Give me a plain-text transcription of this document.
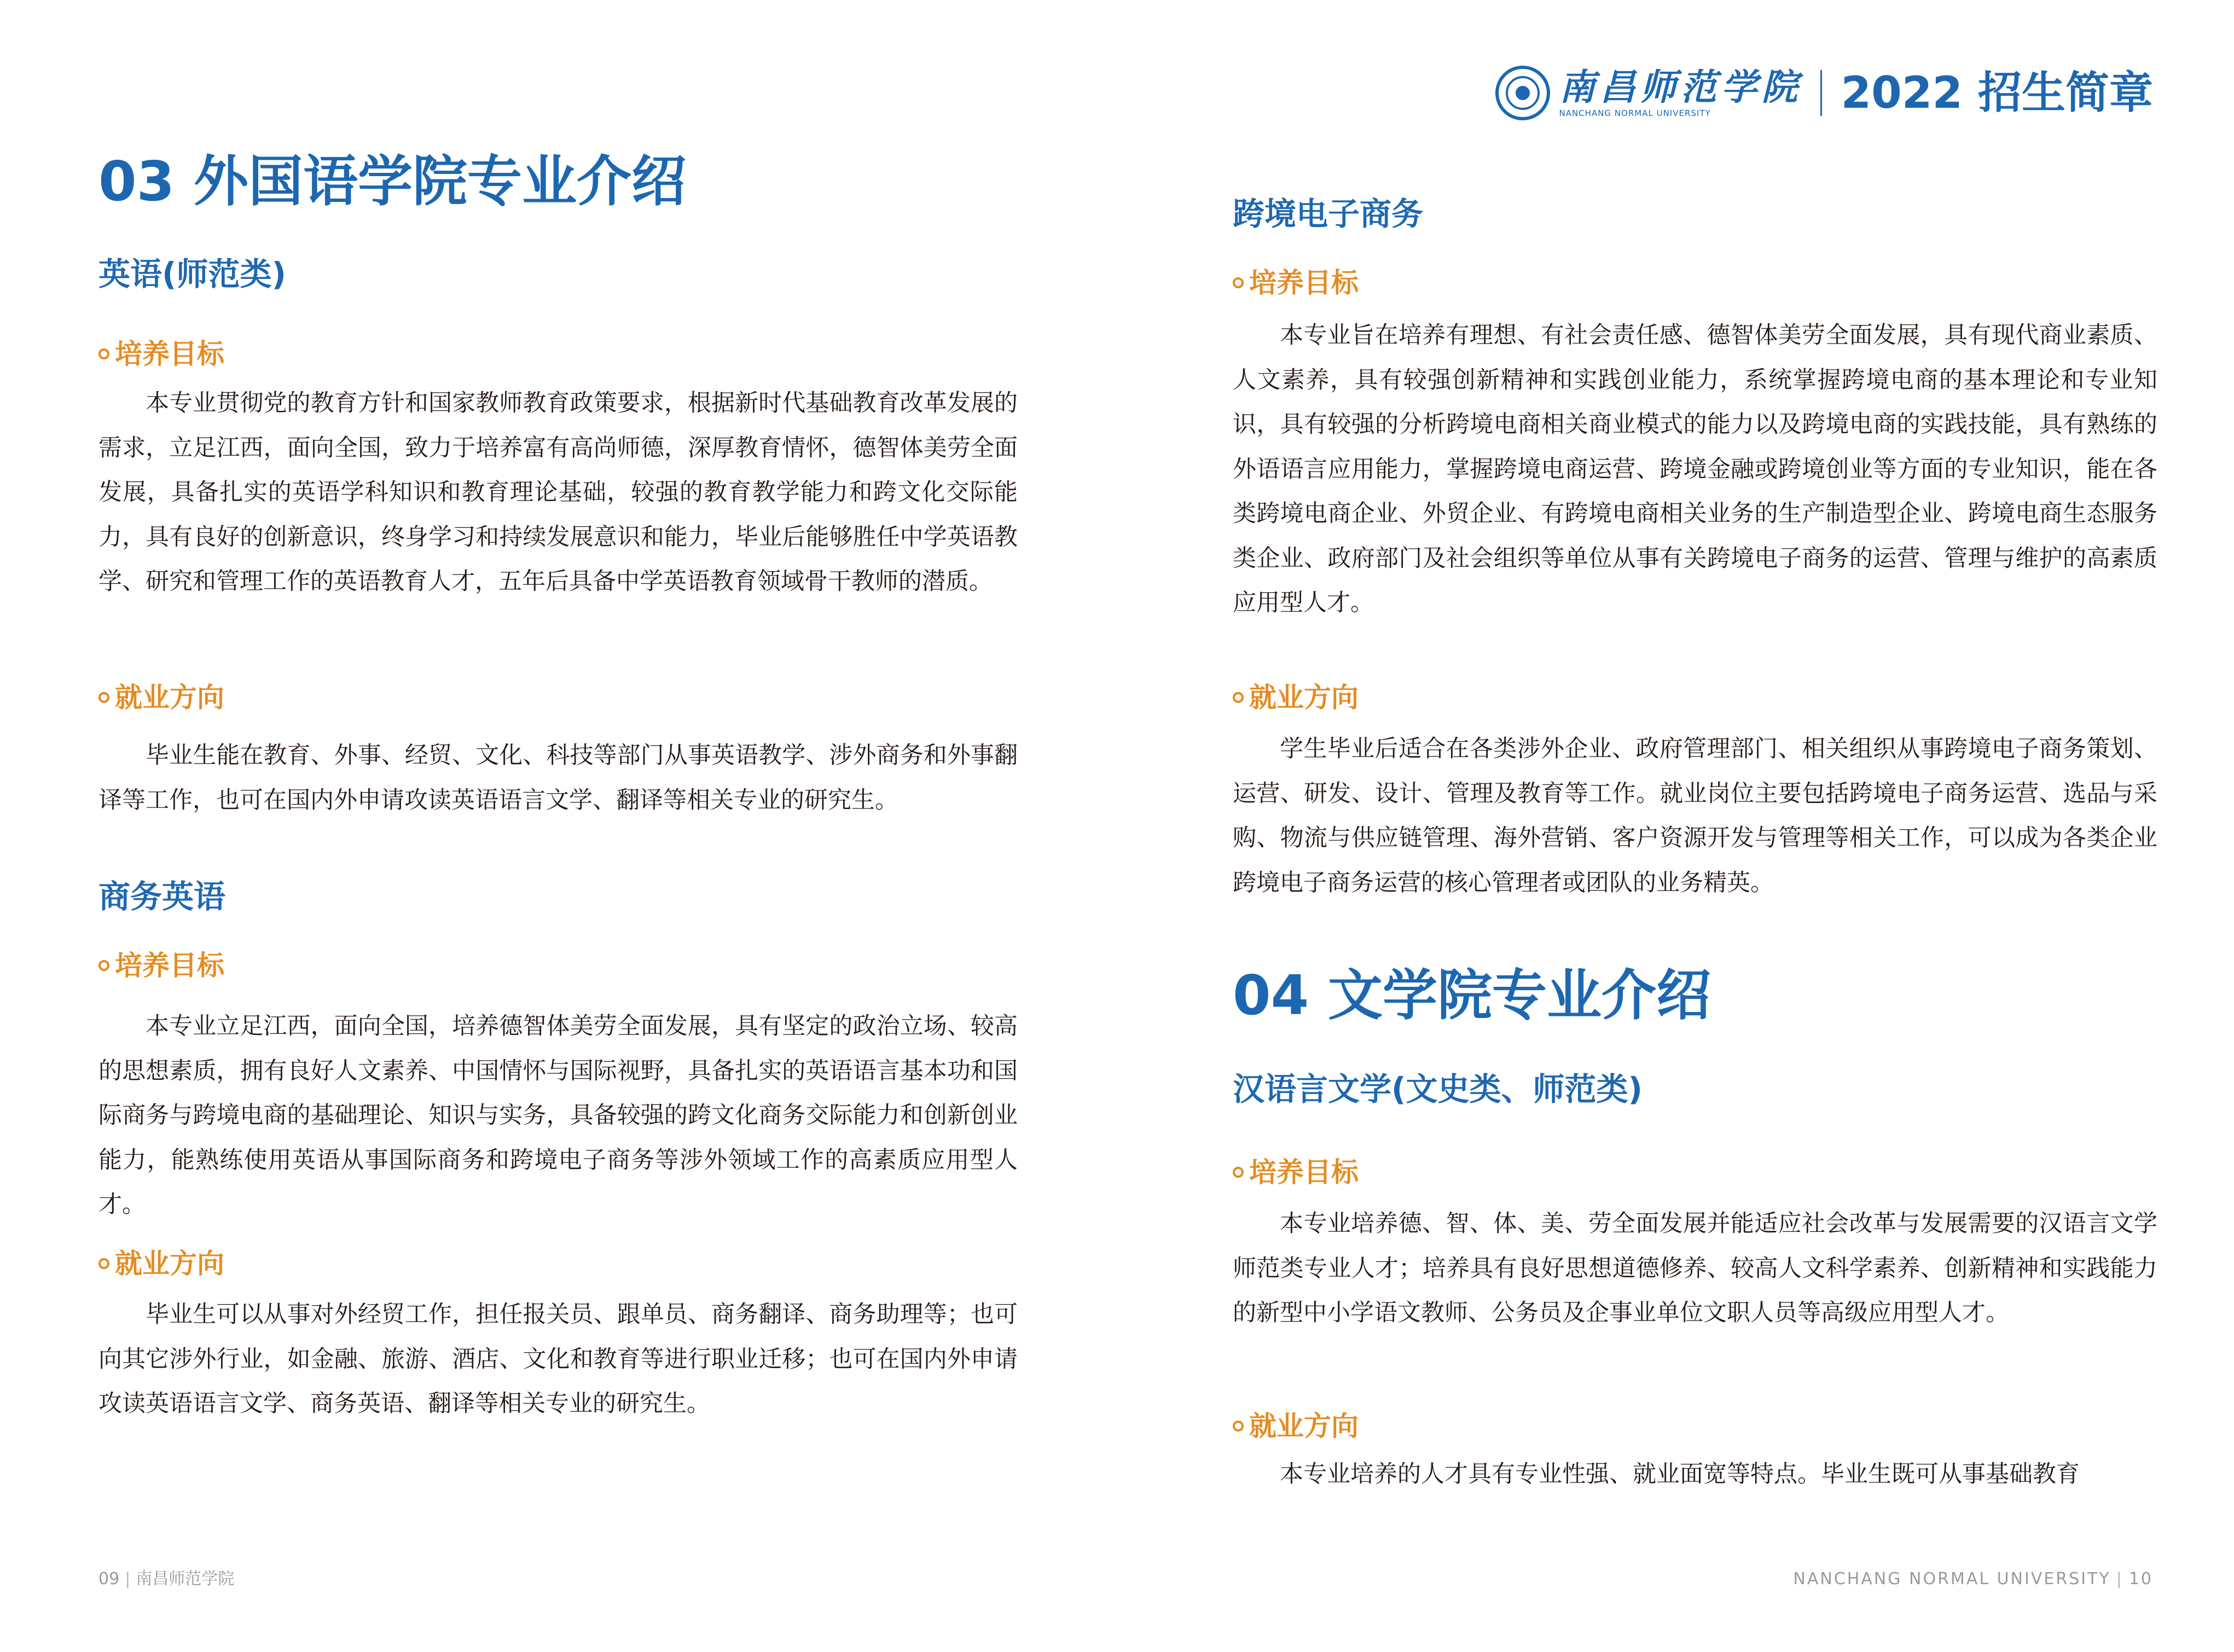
03 外国语学院专业介绍
英语(师范类)
培养目标

本专业贯彻党的教育方针和国家教师教育政策要求，根据新时代基础教育改革发展的需求，立足江西，面向全国，致力于培养富有高尚师德，深厚教育情怀，德智体美劳全面发展，具备扎实的英语学科知识和教育理论基础，较强的教育教学能力和跨文化交际能力，具有良好的创新意识，终身学习和持续发展意识和能力，毕业后能够胜任中学英语教学、研究和管理工作的英语教育人才，五年后具备中学英语教育领域骨干教师的潜质。

就业方向

毕业生能在教育、外事、经贸、文化、科技等部门从事英语教学、涉外商务和外事翻译等工作，也可在国内外申请攻读英语语言文学、翻译等相关专业的研究生。

商务英语
培养目标

本专业立足江西，面向全国，培养德智体美劳全面发展，具有坚定的政治立场、较高的思想素质，拥有良好人文素养、中国情怀与国际视野，具备扎实的英语语言基本功和国际商务与跨境电商的基础理论、知识与实务，具备较强的跨文化商务交际能力和创新创业能力，能熟练使用英语从事国际商务和跨境电子商务等涉外领域工作的高素质应用型人才。

就业方向

毕业生可以从事对外经贸工作，担任报关员、跟单员、商务翻译、商务助理等；也可向其它涉外行业，如金融、旅游、酒店、文化和教育等进行职业迁移；也可在国内外申请攻读英语语言文学、商务英语、翻译等相关专业的研究生。

09 | 南昌师范学院
南昌师范学院
NANCHANG NORMAL UNIVERSITY	2022 招生简章
跨境电子商务
培养目标

本专业旨在培养有理想、有社会责任感、德智体美劳全面发展，具有现代商业素质、人文素养，具有较强创新精神和实践创业能力，系统掌握跨境电商的基本理论和专业知识，具有较强的分析跨境电商相关商业模式的能力以及跨境电商的实践技能，具有熟练的外语语言应用能力，掌握跨境电商运营、跨境金融或跨境创业等方面的专业知识，能在各类跨境电商企业、外贸企业、有跨境电商相关业务的生产制造型企业、跨境电商生态服务类企业、政府部门及社会组织等单位从事有关跨境电子商务的运营、管理与维护的高素质应用型人才。

就业方向

学生毕业后适合在各类涉外企业、政府管理部门、相关组织从事跨境电子商务策划、运营、研发、设计、管理及教育等工作。就业岗位主要包括跨境电子商务运营、选品与采购、物流与供应链管理、海外营销、客户资源开发与管理等相关工作，可以成为各类企业跨境电子商务运营的核心管理者或团队的业务精英。

04 文学院专业介绍
汉语言文学(文史类、师范类)
培养目标

本专业培养德、智、体、美、劳全面发展并能适应社会改革与发展需要的汉语言文学师范类专业人才；培养具有良好思想道德修养、较高人文科学素养、创新精神和实践能力的新型中小学语文教师、公务员及企事业单位文职人员等高级应用型人才。

就业方向

本专业培养的人才具有专业性强、就业面宽等特点。毕业生既可从事基础教育

NANCHANG NORMAL UNIVERSITY | 10
